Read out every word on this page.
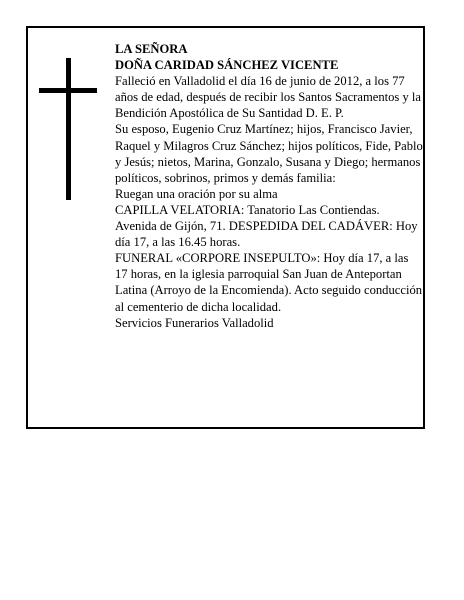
LA SEÑORA

DOÑA CARIDAD SÁNCHEZ VICENTE

Falleció en Valladolid el día 16 de junio de 2012, a los 77 años de edad, después de recibir los Santos Sacramentos y la Bendición Apostólica de Su Santidad D. E. P.

Su esposo, Eugenio Cruz Martínez; hijos, Francisco Javier, Raquel y Milagros Cruz Sánchez; hijos políticos, Fide, Pablo y Jesús; nietos, Marina, Gonzalo, Susana y Diego; hermanos políticos, sobrinos, primos y demás familia:

Ruegan una oración por su alma

CAPILLA VELATORIA: Tanatorio Las Contiendas. Avenida de Gijón, 71. DESPEDIDA DEL CADÁVER: Hoy día 17, a las 16.45 horas.

FUNERAL «CORPORE INSEPULTO»: Hoy día 17, a las 17 horas, en la iglesia parroquial San Juan de Anteportan Latina (Arroyo de la Encomienda). Acto seguido conducción al cementerio de dicha localidad.

Servicios Funerarios Valladolid
